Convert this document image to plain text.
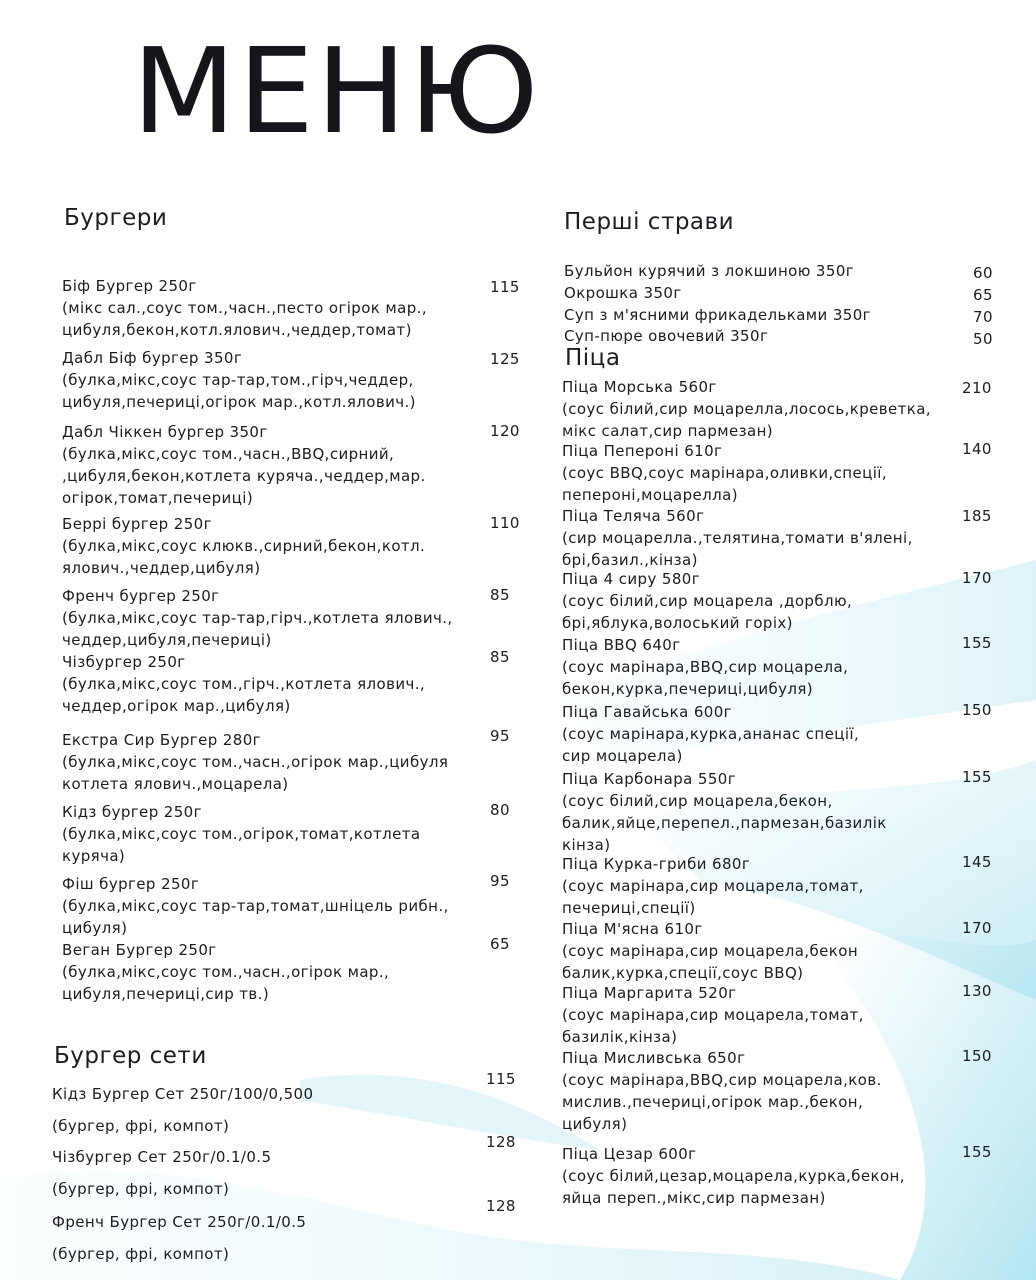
МЕНЮ
Бургери
Біф Бургер 250г
(мікс сал.,соус том.,часн.,песто огірок мар.,
цибуля,бекон,котл.ялович.,чеддер,томат)
115
Дабл Біф бургер 350г
(булка,мікс,соус тар-тар,том.,гірч,чеддер,
цибуля,печериці,огірок мар.,котл.ялович.)
125
Дабл Чіккен бургер 350г
(булка,мікс,соус том.,часн.,BBQ,сирний,
,цибуля,бекон,котлета куряча.,чеддер,мар.
огірок,томат,печериці)
120
Беррі бургер 250г
(булка,мікс,соус клюкв.,сирний,бекон,котл.
ялович.,чеддер,цибуля)
110
Френч бургер 250г
(булка,мікс,соус тар-тар,гірч.,котлета ялович.,
чеддер,цибуля,печериці)
85
Чізбургер 250г
(булка,мікс,соус том.,гірч.,котлета ялович.,
чеддер,огірок мар.,цибуля)
85
Екстра Сир Бургер 280г
(булка,мікс,соус том.,часн.,огірок мар.,цибуля
котлета ялович.,моцарела)
95
Кідз бургер 250г
(булка,мікс,соус том.,огірок,томат,котлета
куряча)
80
Фіш бургер 250г
(булка,мікс,соус тар-тар,томат,шніцель рибн.,
цибуля)
95
Веган Бургер 250г
(булка,мікс,соус том.,часн.,огірок мар.,
цибуля,печериці,сир тв.)
65
Бургер сети
Кідз Бургер Сет 250г/100/0,500
(бургер, фрі, компот)
115
Чізбургер Сет 250г/0.1/0.5
(бургер, фрі, компот)
128
Френч Бургер Сет 250г/0.1/0.5
(бургер, фрі, компот)
128
Перші страви
Бульйон курячий з локшиною 350г	60
Окрошка 350г	65
Суп з м'ясними фрикадельками 350г	70
Суп-пюре овочевий 350г	50
Піца
Піца Морська 560г
(соус білий,сир моцарелла,лосось,креветка,
мікс салат,сир пармезан)
210
Піца Пепероні 610г
(соус BBQ,соус марінара,оливки,спеції,
пепероні,моцарелла)
140
Піца Теляча 560г
(сир моцарелла.,телятина,томати в'ялені,
брі,базил.,кінза)
185
Піца 4 сиру 580г
(соус білий,сир моцарела ,дорблю,
брі,яблука,волоський горіх)
170
Піца BBQ 640г
(соус марінара,BBQ,сир моцарела,
бекон,курка,печериці,цибуля)
155
Піца Гавайська 600г
(соус марінара,курка,ананас спеції,
сир моцарела)
150
Піца Карбонара 550г
(соус білий,сир моцарела,бекон,
балик,яйце,перепел.,пармезан,базилік
кінза)
155
Піца Курка-гриби 680г
(соус марінара,сир моцарела,томат,
печериці,спеції)
145
Піца М'ясна 610г
(соус марінара,сир моцарела,бекон
балик,курка,спеції,соус BBQ)
170
Піца Маргарита 520г
(соус марінара,сир моцарела,томат,
базилік,кінза)
130
Піца Мисливська 650г
(соус марінара,BBQ,сир моцарела,ков.
мислив.,печериці,огірок мар.,бекон,
цибуля)
150
Піца Цезар 600г
(соус білий,цезар,моцарела,курка,бекон,
яйца переп.,мікс,сир пармезан)
155
